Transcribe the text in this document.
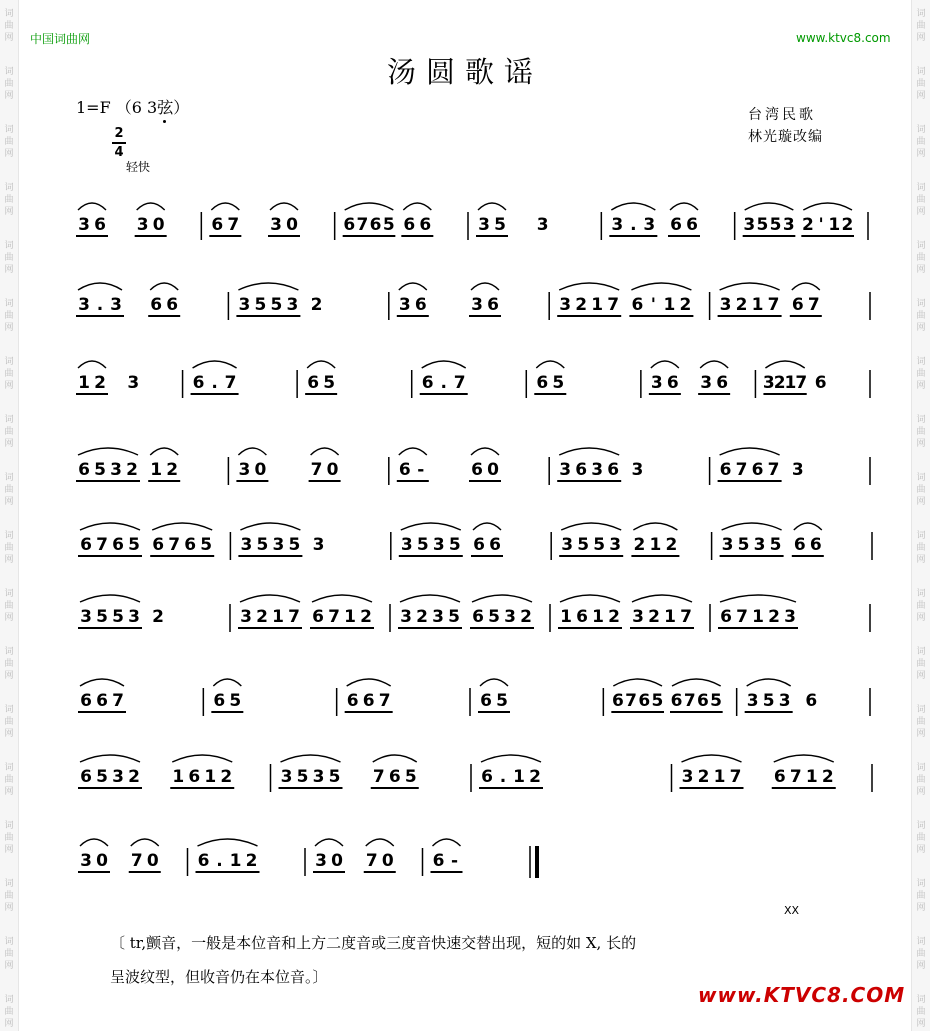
词
曲
网
词
曲
网
词
曲
网
词
曲
网
词
曲
网
词
曲
网
词
曲
网
词
曲
网
词
曲
网
词
曲
网
词
曲
网
词
曲
网
词
曲
网
词
曲
网
词
曲
网
词
曲
网
词
曲
网
词
曲
网
词
曲
网
词
曲
网
词
曲
网
词
曲
网
词
曲
网
词
曲
网
词
曲
网
词
曲
网
词
曲
网
词
曲
网
词
曲
网
词
曲
网
词
曲
网
词
曲
网
词
曲
网
词
曲
网
词
曲
网
词
曲
网
中国词曲网	www.ktvc8.com
汤圆歌谣
1=F （6 3弦）
2
4
轻快
台湾民歌
林光璇改编
3 6 3 0	6 7 3 0	6 7 6 5 6 6	3 5 3	3 . 3 6 6	3 5 5 3 2 ' 1 2
3 . 3 6 6	3 5 5 3 2	3 6	3 6	3 2 1 7 6 ' 1 2 3 2 1 7 6 7
1 2 3	6 . 7	6 5	6 . 7	6 5	3 6 3 6 3
2
1
7 6
6 5 3 2 1 2	3 0	7 0	6 -	6 0	3 6 3 6 3	6 7 6 7 3
6 7 6 5 6 7 6 5 3 5 3 5 3	3 5 3 5 6 6	3 5 5 3 2 1 2	3 5 3 5 6 6
3 5 5 3 2	3 2 1 7 6 7 1 2 3 2 3 5 6 5 3 2 1 6 1 2 3 2 1 7 6 7 1 2 3
6 6 7	6 5	6 6 7	6 5	6 7 6 5 6 7 6 5 3 5 3 6
6 5 3 2 1 6 1 2	3 5 3 5 7 6 5	6 . 1 2	3 2 1 7 6 7 1 2
3 0 7 0 6 . 1 2	3 0 7 0 6 -
XX
〔 tr,颤音，一般是本位音和上方二度音或三度音快速交替出现，短的如 X, 长的
呈波纹型，但收音仍在本位音。〕
www.KTVC8.COM
